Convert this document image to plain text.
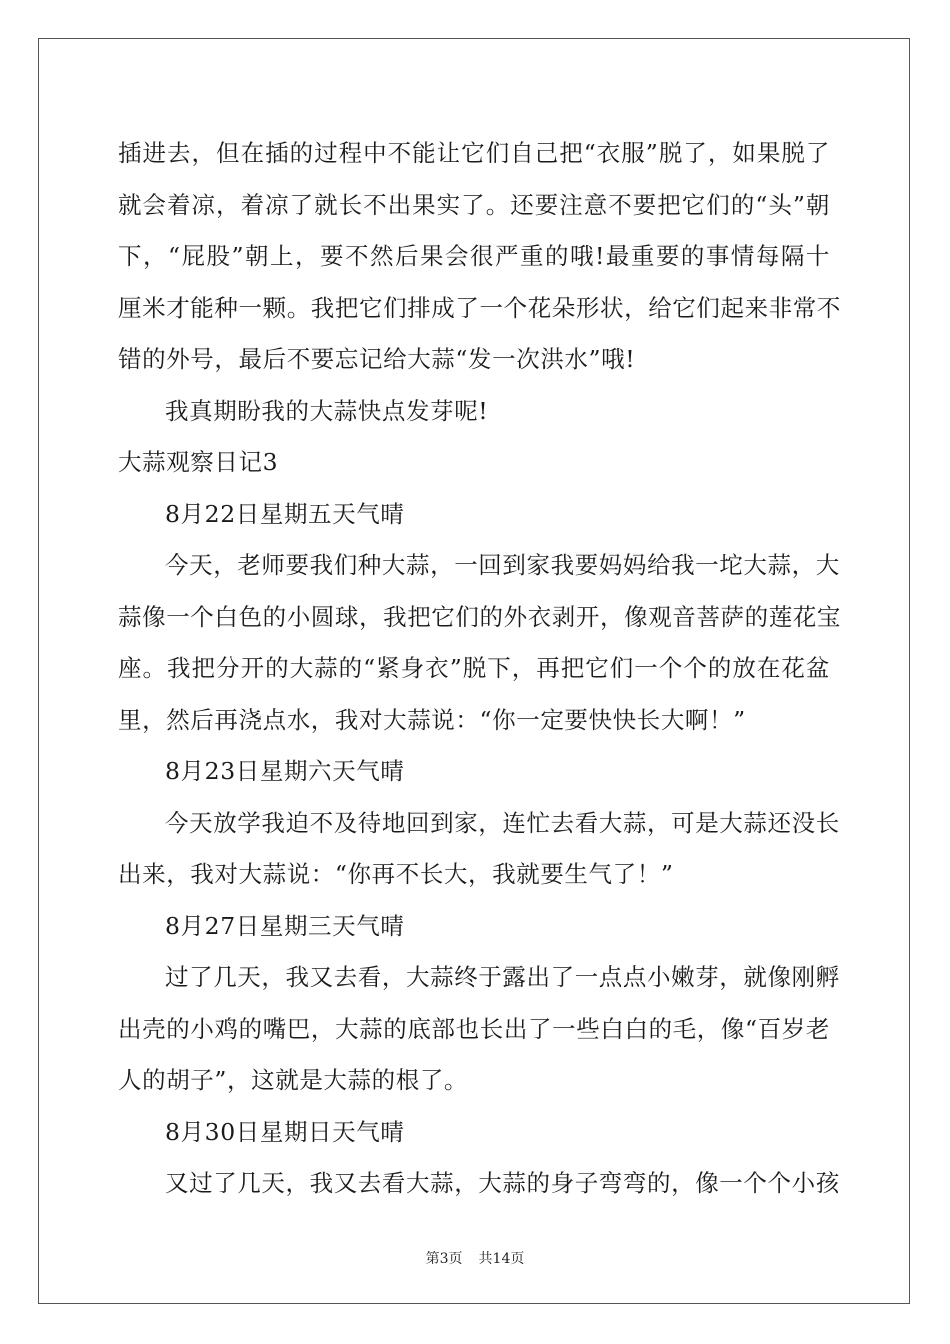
插进去，但在插的过程中不能让它们自己把“衣服”脱了，如果脱了
就会着凉，着凉了就长不出果实了。还要注意不要把它们的“头”朝
下，“屁股”朝上，要不然后果会很严重的哦!最重要的事情每隔十
厘米才能种一颗。我把它们排成了一个花朵形状，给它们起来非常不
错的外号，最后不要忘记给大蒜“发一次洪水”哦!
我真期盼我的大蒜快点发芽呢!
大蒜观察日记3
8月22日星期五天气晴
今天，老师要我们种大蒜，一回到家我要妈妈给我一坨大蒜，大
蒜像一个白色的小圆球，我把它们的外衣剥开，像观音菩萨的莲花宝
座。我把分开的大蒜的“紧身衣”脱下，再把它们一个个的放在花盆
里，然后再浇点水，我对大蒜说：“你一定要快快长大啊！”
8月23日星期六天气晴
今天放学我迫不及待地回到家，连忙去看大蒜，可是大蒜还没长
出来，我对大蒜说：“你再不长大，我就要生气了！”
8月27日星期三天气晴
过了几天，我又去看，大蒜终于露出了一点点小嫩芽，就像刚孵
出壳的小鸡的嘴巴，大蒜的底部也长出了一些白白的毛，像“百岁老
人的胡子”，这就是大蒜的根了。
8月30日星期日天气晴
又过了几天，我又去看大蒜，大蒜的身子弯弯的，像一个个小孩
第3页 共14页
